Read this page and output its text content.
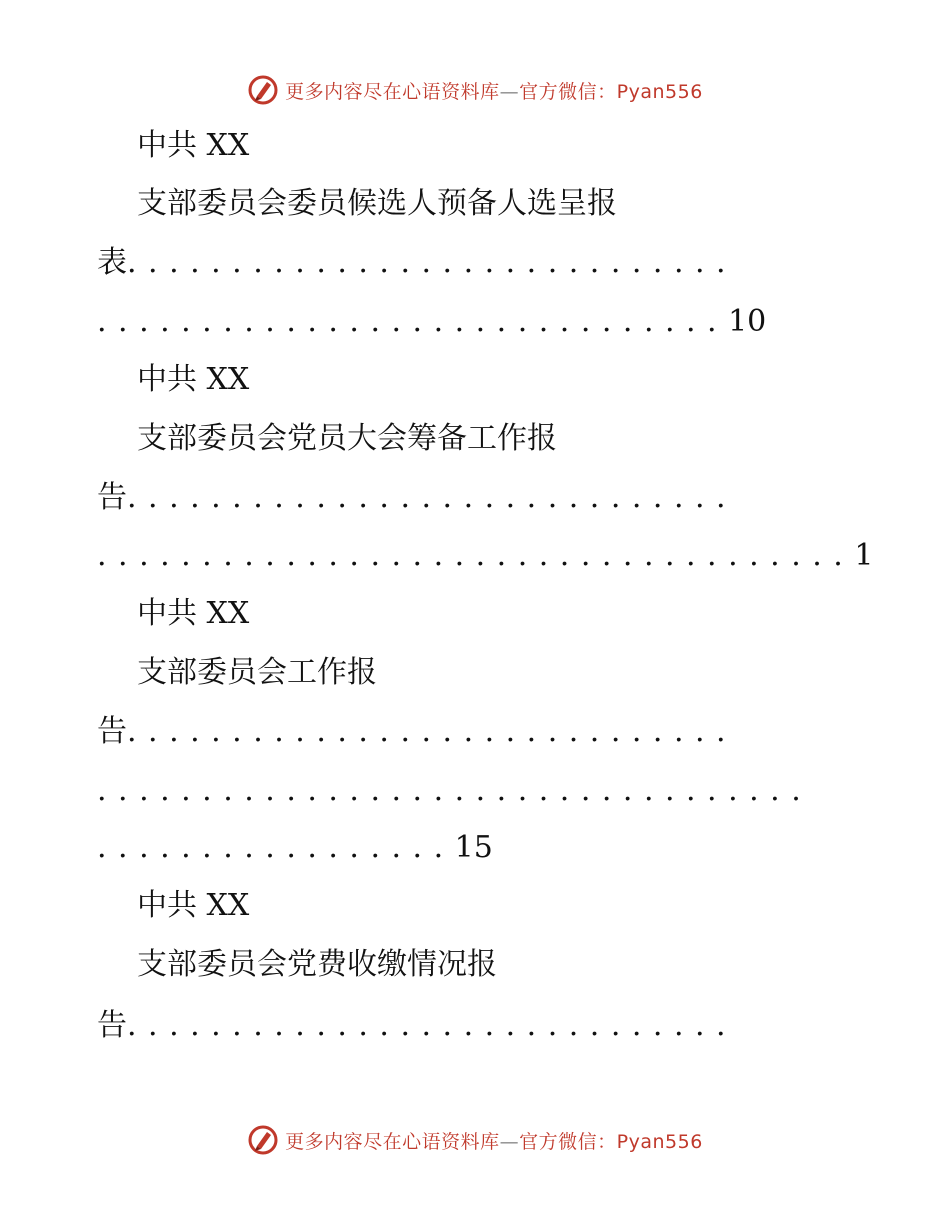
更多内容尽在心语资料库—官方微信：Pyan556
中共 XX
支部委员会委员候选人预备人选呈报
表.............................
..............................10
中共 XX
支部委员会党员大会筹备工作报
告.............................
....................................1
中共 XX
支部委员会工作报
告.............................
..................................
.................15
中共 XX
支部委员会党费收缴情况报
告.............................
更多内容尽在心语资料库—官方微信：Pyan556
